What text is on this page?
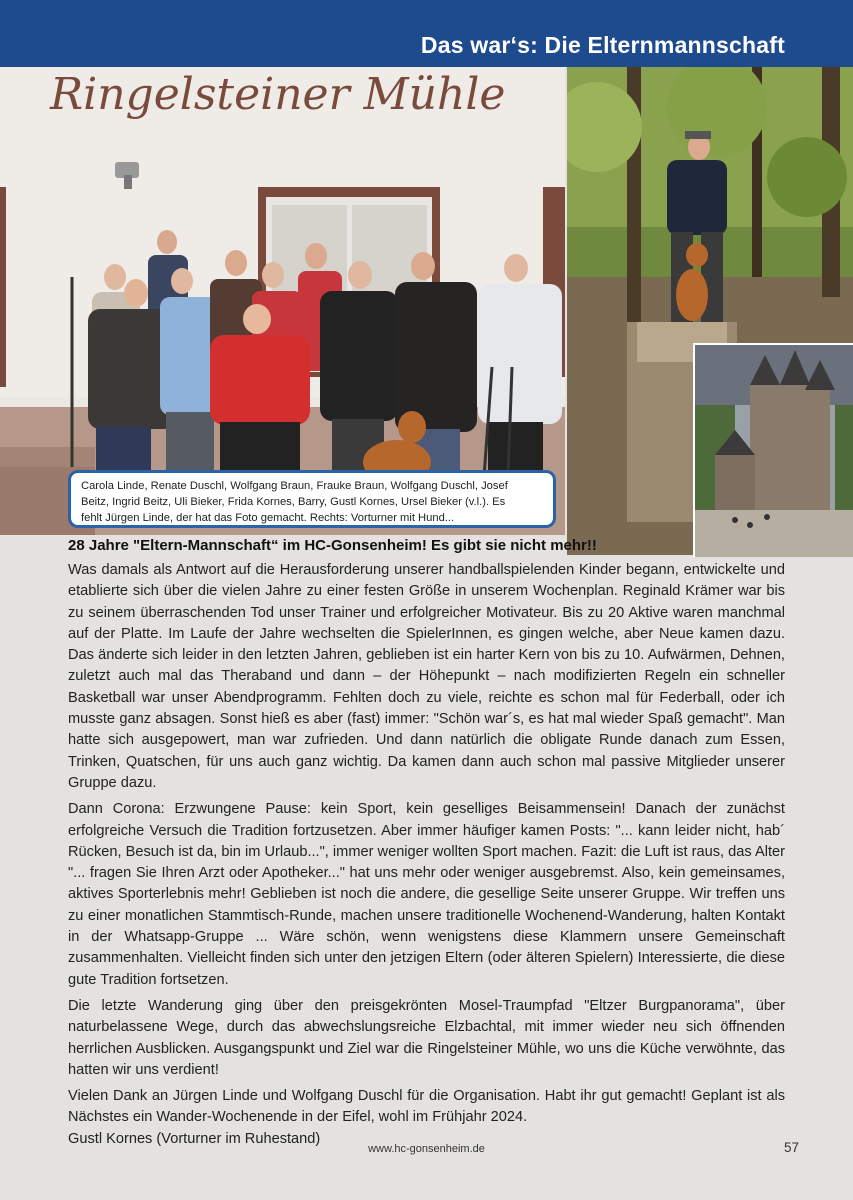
Das war‘s: Die Elternmannschaft
Ringelsteiner Mühle
Carola Linde, Renate Duschl, Wolfgang Braun, Frauke Braun, Wolfgang Duschl, Josef
Beitz, Ingrid Beitz, Uli Bieker, Frida Kornes, Barry, Gustl Kornes, Ursel Bieker (v.l.). Es
fehlt Jürgen Linde, der hat das Foto gemacht. Rechts: Vorturner mit Hund...
28 Jahre "Eltern-Mannschaft“ im HC-Gonsenheim! Es gibt sie nicht mehr!!

Was damals als Antwort auf die Herausforderung unserer handballspielenden Kinder begann, entwickelte und etablierte sich über die vielen Jahre zu einer festen Größe in unserem Wochenplan. Reginald Krämer war bis zu seinem überraschenden Tod unser Trainer und erfolgreicher Motivateur. Bis zu 20 Aktive waren manchmal auf der Platte. Im Laufe der Jahre wechselten die SpielerInnen, es gingen welche, aber Neue kamen dazu. Das änderte sich leider in den letzten Jahren, geblieben ist ein harter Kern von bis zu 10. Aufwärmen, Dehnen, zuletzt auch mal das Theraband und dann – der Höhepunkt – nach modifizierten Regeln ein schneller Basketball war unser Abendprogramm. Fehlten doch zu viele, reichte es schon mal für Federball, oder ich musste ganz absagen. Sonst hieß es aber (fast) immer: "Schön war´s, es hat mal wieder Spaß gemacht". Man hatte sich ausgepowert, man war zufrieden. Und dann natürlich die obligate Runde danach zum Essen, Trinken, Quatschen, für uns auch ganz wichtig. Da kamen dann auch schon mal passive Mitglieder unserer Gruppe dazu.

Dann Corona: Erzwungene Pause: kein Sport, kein geselliges Beisammensein! Danach der zunächst erfolgreiche Versuch die Tradition fortzusetzen. Aber immer häufiger kamen Posts: "... kann leider nicht, hab´ Rücken, Besuch ist da, bin im Urlaub...", immer weniger wollten Sport machen. Fazit: die Luft ist raus, das Alter "... fragen Sie Ihren Arzt oder Apotheker..." hat uns mehr oder weniger ausgebremst. Also, kein gemeinsames, aktives Sporterlebnis mehr! Geblieben ist noch die andere, die gesellige Seite unserer Gruppe. Wir treffen uns zu einer monatlichen Stammtisch-Runde, machen unsere traditionelle Wochenend-Wanderung, halten Kontakt in der Whatsapp-Gruppe ... Wäre schön, wenn wenigstens diese Klammern unsere Gemeinschaft zusammenhalten. Vielleicht finden sich unter den jetzigen Eltern (oder älteren Spielern) Interessierte, die diese gute Tradition fortsetzen.

Die letzte Wanderung ging über den preisgekrönten Mosel-Traumpfad "Eltzer Burgpanorama", über naturbelassene Wege, durch das abwechslungsreiche Elzbachtal, mit immer wieder neu sich öffnenden herrlichen Ausblicken. Ausgangspunkt und Ziel war die Ringelsteiner Mühle, wo uns die Küche verwöhnte, das hatten wir uns verdient!

Vielen Dank an Jürgen Linde und Wolfgang Duschl für die Organisation. Habt ihr gut gemacht! Geplant ist als Nächstes ein Wander-Wochenende in der Eifel, wohl im Frühjahr 2024.

Gustl Kornes (Vorturner im Ruhestand)

www.hc-gonsenheim.de	57
